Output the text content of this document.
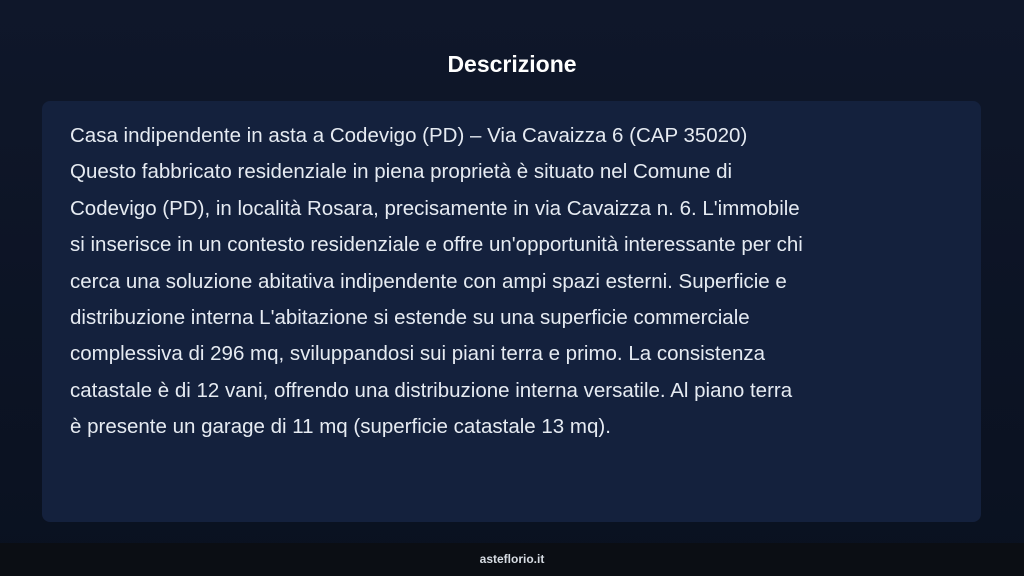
Descrizione

Casa indipendente in asta a Codevigo (PD) – Via Cavaizza 6 (CAP 35020)
Questo fabbricato residenziale in piena proprietà è situato nel Comune di
Codevigo (PD), in località Rosara, precisamente in via Cavaizza n. 6. L'immobile
si inserisce in un contesto residenziale e offre un'opportunità interessante per chi
cerca una soluzione abitativa indipendente con ampi spazi esterni. Superficie e
distribuzione interna L'abitazione si estende su una superficie commerciale
complessiva di 296 mq, sviluppandosi sui piani terra e primo. La consistenza
catastale è di 12 vani, offrendo una distribuzione interna versatile. Al piano terra
è presente un garage di 11 mq (superficie catastale 13 mq).

asteflorio.it
